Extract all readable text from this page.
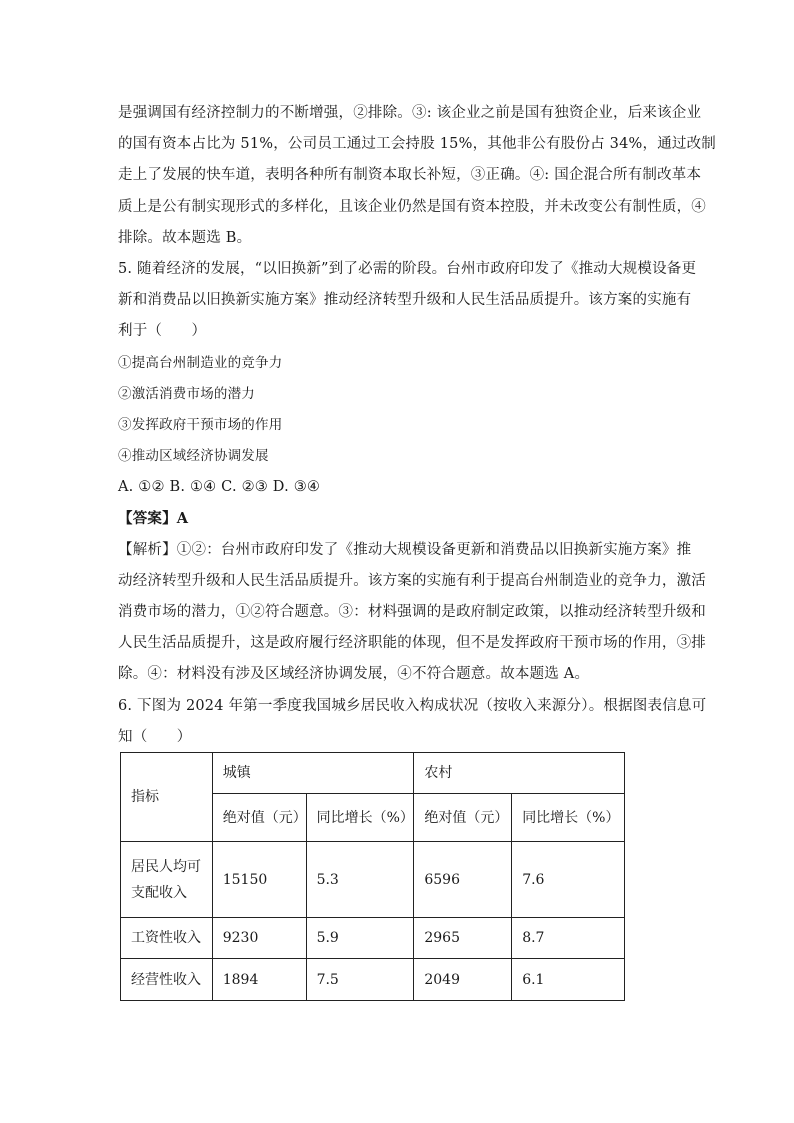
是强调国有经济控制力的不断增强，②排除。③: 该企业之前是国有独资企业，后来该企业
的国有资本占比为 51%，公司员工通过工会持股 15%，其他非公有股份占 34%，通过改制
走上了发展的快车道，表明各种所有制资本取长补短，③正确。④: 国企混合所有制改革本
质上是公有制实现形式的多样化，且该企业仍然是国有资本控股，并未改变公有制性质，④
排除。故本题选 B。
5. 随着经济的发展，“以旧换新”到了必需的阶段。台州市政府印发了《推动大规模设备更
新和消费品以旧换新实施方案》推动经济转型升级和人民生活品质提升。该方案的实施有
利于（　　）
①提高台州制造业的竞争力
②激活消费市场的潜力
③发挥政府干预市场的作用
④推动区域经济协调发展
A. ①② B. ①④ C. ②③ D. ③④
【答案】A
【解析】①②：台州市政府印发了《推动大规模设备更新和消费品以旧换新实施方案》推
动经济转型升级和人民生活品质提升。该方案的实施有利于提高台州制造业的竞争力，激活
消费市场的潜力，①②符合题意。③：材料强调的是政府制定政策，以推动经济转型升级和
人民生活品质提升，这是政府履行经济职能的体现，但不是发挥政府干预市场的作用，③排
除。④：材料没有涉及区域经济协调发展，④不符合题意。故本题选 A。
6. 下图为 2024 年第一季度我国城乡居民收入构成状况（按收入来源分）。根据图表信息可
知（　　）
指标	城镇		农村	
	绝对值（元）	同比增长（%）	绝对值（元）	同比增长（%）
居民人均可支配收入	15150	5.3	6596	7.6
工资性收入	9230	5.9	2965	8.7
经营性收入	1894	7.5	2049	6.1
